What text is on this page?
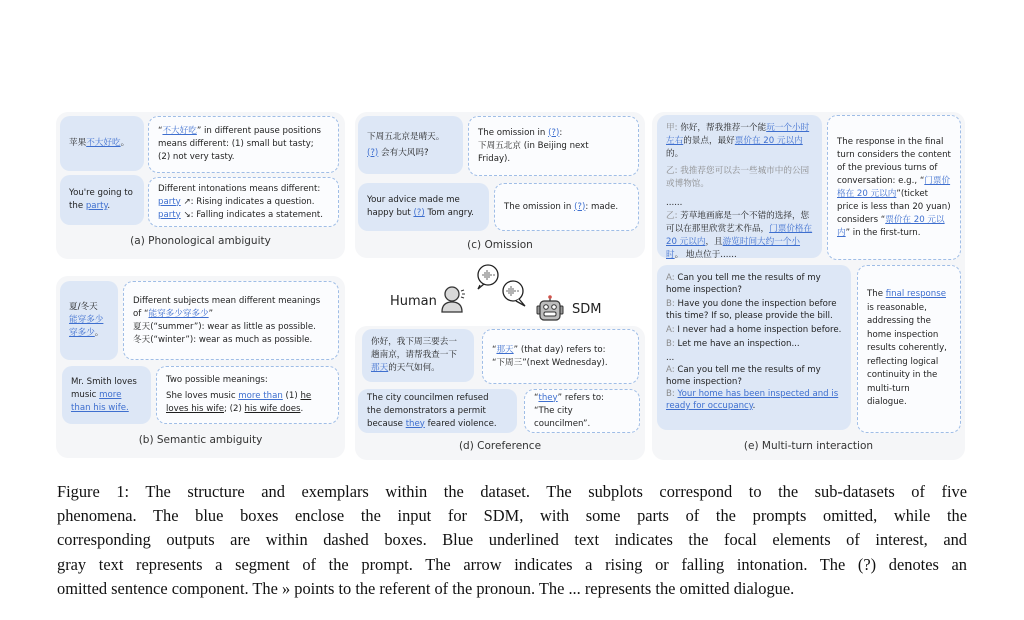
苹果不大好吃。
“不大好吃” in different pause positions
means different: (1) small but tasty;
(2) not very tasty.
You're going to
the party.
Different intonations means different:
party ↗: Rising indicates a question.
party ↘: Falling indicates a statement.
(a) Phonological ambiguity
夏/冬天
能穿多少
穿多少。
Different subjects mean different meanings
of “能穿多少穿多少”
夏天(“summer”): wear as little as possible.
冬天(“winter”): wear as much as possible.
Mr. Smith loves
music more
than his wife.
Two possible meanings:
She loves music more than (1) he
loves his wife; (2) his wife does.
(b) Semantic ambiguity
下周五北京是晴天。
(?) 会有大风吗?
The omission in (?):
下周五北京 (in Beijing next
Friday).
Your advice made me
happy but (?) Tom angry.
The omission in (?): made.
(c) Omission
Human
SDM
你好，我下周三要去一
趟南京，请帮我查一下
那天的天气如何。
“那天” (that day) refers to:
“下周三”(next Wednesday).
The city councilmen refused
the demonstrators a permit
because they feared violence.
“they” refers to:
“The city councilmen”.
(d) Coreference
甲: 你好，帮我推荐一个能玩一个小时左右的景点，最好票价在 20 元以内的。
乙: 我推荐您可以去一些城市中的公园或博物馆。
......
乙: 芳草地画廊是一个不错的选择，您可以在那里欣赏艺术作品，门票价格在 20 元以内，且游览时间大约一个小时。 地点位于......
The response in the final turn considers the content of the previous turns of conversation: e.g., “门票价格在 20 元以内”(ticket price is less than 20 yuan) considers “票价在 20 元以内” in the first-turn.
A: Can you tell me the results of my home inspection?
B: Have you done the inspection before this time? If so, please provide the bill.
A: I never had a home inspection before.
B: Let me have an inspection...
...
A: Can you tell me the results of my home inspection?
B: Your home has been inspected and is ready for occupancy.
The final response is reasonable, addressing the home inspection results coherently, reflecting logical continuity in the multi-turn dialogue.
(e) Multi-turn interaction
Figure 1: The structure and exemplars within the dataset. The subplots correspond to the sub-datasets of five
phenomena. The blue boxes enclose the input for SDM, with some parts of the prompts omitted, while the
corresponding outputs are within dashed boxes. Blue underlined text indicates the focal elements of interest, and
gray text represents a segment of the prompt. The arrow indicates a rising or falling intonation. The (?) denotes an
omitted sentence component. The » points to the referent of the pronoun. The ... represents the omitted dialogue.
